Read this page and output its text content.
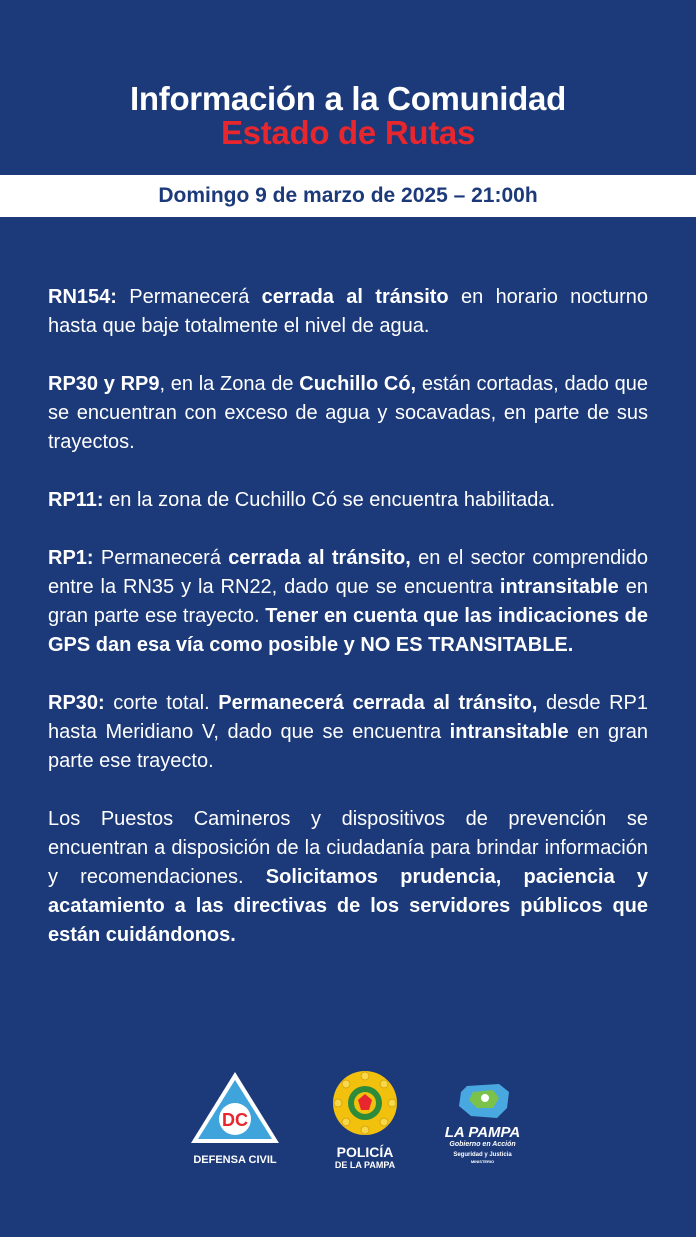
Información a la Comunidad
Estado de Rutas
Domingo 9 de marzo de 2025 – 21:00h

RN154: Permanecerá cerrada al tránsito en horario nocturno hasta que baje totalmente el nivel de agua.

RP30 y RP9, en la Zona de Cuchillo Có, están cortadas, dado que se encuentran con exceso de agua y socavadas, en parte de sus trayectos.

RP11: en la zona de Cuchillo Có se encuentra habilitada.

RP1: Permanecerá cerrada al tránsito, en el sector comprendido entre la RN35 y la RN22, dado que se encuentra intransitable en gran parte ese trayecto. Tener en cuenta que las indicaciones de GPS dan esa vía como posible y NO ES TRANSITABLE.

RP30: corte total. Permanecerá cerrada al tránsito, desde RP1 hasta Meridiano V, dado que se encuentra intransitable en gran parte ese trayecto.

Los Puestos Camineros y dispositivos de prevención se encuentran a disposición de la ciudadanía para brindar información y recomendaciones. Solicitamos prudencia, paciencia y acatamiento a las directivas de los servidores públicos que están cuidándonos.

DC
DEFENSA CIVIL	POLICÍA
DE LA PAMPA
LA PAMPA
Gobierno en Acción
Seguridad y Justicia
MINISTERIO
